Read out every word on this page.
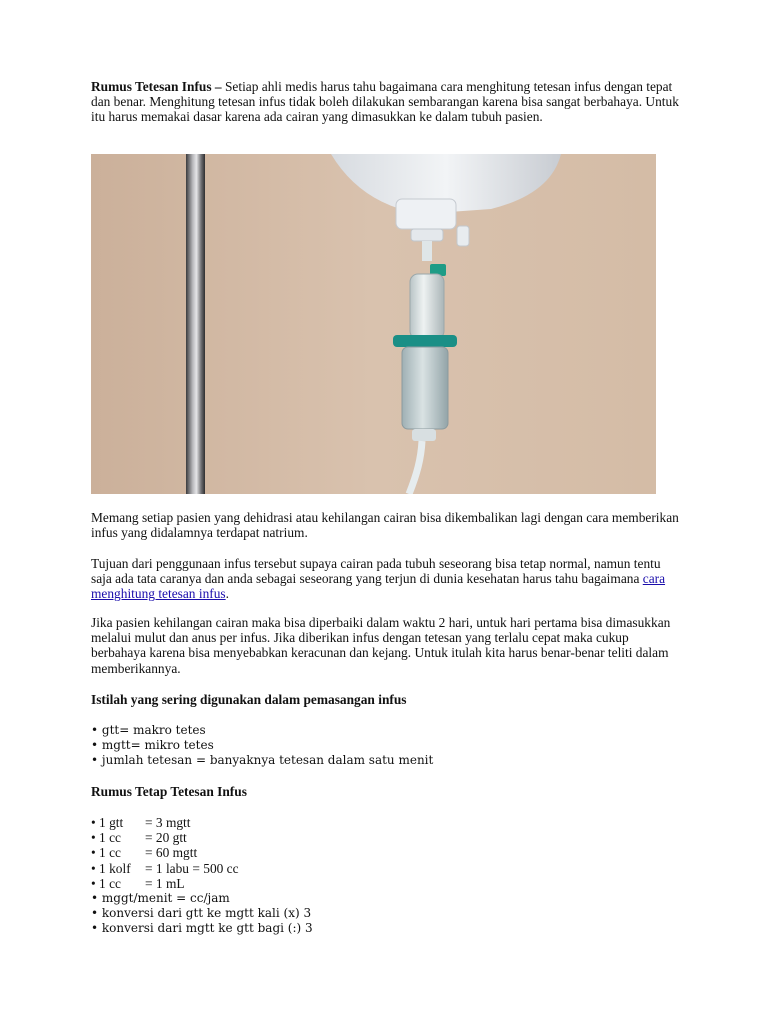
Rumus Tetesan Infus – Setiap ahli medis harus tahu bagaimana cara menghitung tetesan infus dengan tepat dan benar. Menghitung tetesan infus tidak boleh dilakukan sembarangan karena bisa sangat berbahaya. Untuk itu harus memakai dasar karena ada cairan yang dimasukkan ke dalam tubuh pasien.

Memang setiap pasien yang dehidrasi atau kehilangan cairan bisa dikembalikan lagi dengan cara memberikan infus yang didalamnya terdapat natrium.

Tujuan dari penggunaan infus tersebut supaya cairan pada tubuh seseorang bisa tetap normal, namun tentu saja ada tata caranya dan anda sebagai seseorang yang terjun di dunia kesehatan harus tahu bagaimana cara menghitung tetesan infus.

Jika pasien kehilangan cairan maka bisa diperbaiki dalam waktu 2 hari, untuk hari pertama bisa dimasukkan melalui mulut dan anus per infus. Jika diberikan infus dengan tetesan yang terlalu cepat maka cukup berbahaya karena bisa menyebabkan keracunan dan kejang. Untuk itulah kita harus benar-benar teliti dalam memberikannya.

Istilah yang sering digunakan dalam pemasangan infus

• gtt= makro tetes
• mgtt= mikro tetes
• jumlah tetesan = banyaknya tetesan dalam satu menit

Rumus Tetap Tetesan Infus

• 1 gtt	= 3 mgtt
• 1 cc	= 20 gtt
• 1 cc	= 60 mgtt
• 1 kolf	= 1 labu = 500 cc
• 1 cc	= 1 mL
• mggt/menit = cc/jam
• konversi dari gtt ke mgtt kali (x) 3
• konversi dari mgtt ke gtt bagi (:) 3
